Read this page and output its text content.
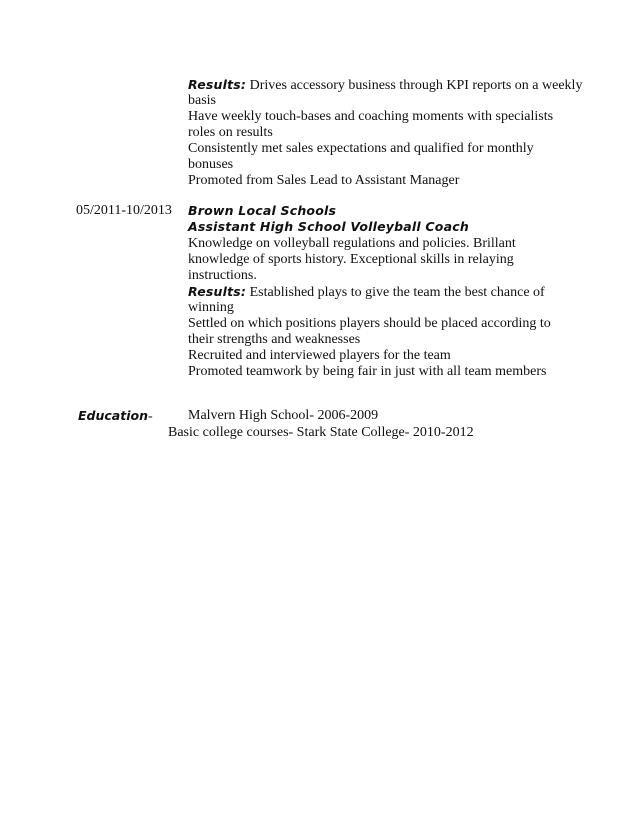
Results: Drives accessory business through KPI reports on a weekly
basis
Have weekly touch-bases and coaching moments with specialists
roles on results
Consistently met sales expectations and qualified for monthly
bonuses
Promoted from Sales Lead to Assistant Manager
05/2011-10/2013 Brown Local Schools
Assistant High School Volleyball Coach
Knowledge on volleyball regulations and policies. Brillant
knowledge of sports history. Exceptional skills in relaying
instructions.
Results: Established plays to give the team the best chance of
winning
Settled on which positions players should be placed according to
their strengths and weaknesses
Recruited and interviewed players for the team
Promoted teamwork by being fair in just with all team members
Education-	Malvern High School- 2006-2009
Basic college courses- Stark State College- 2010-2012
